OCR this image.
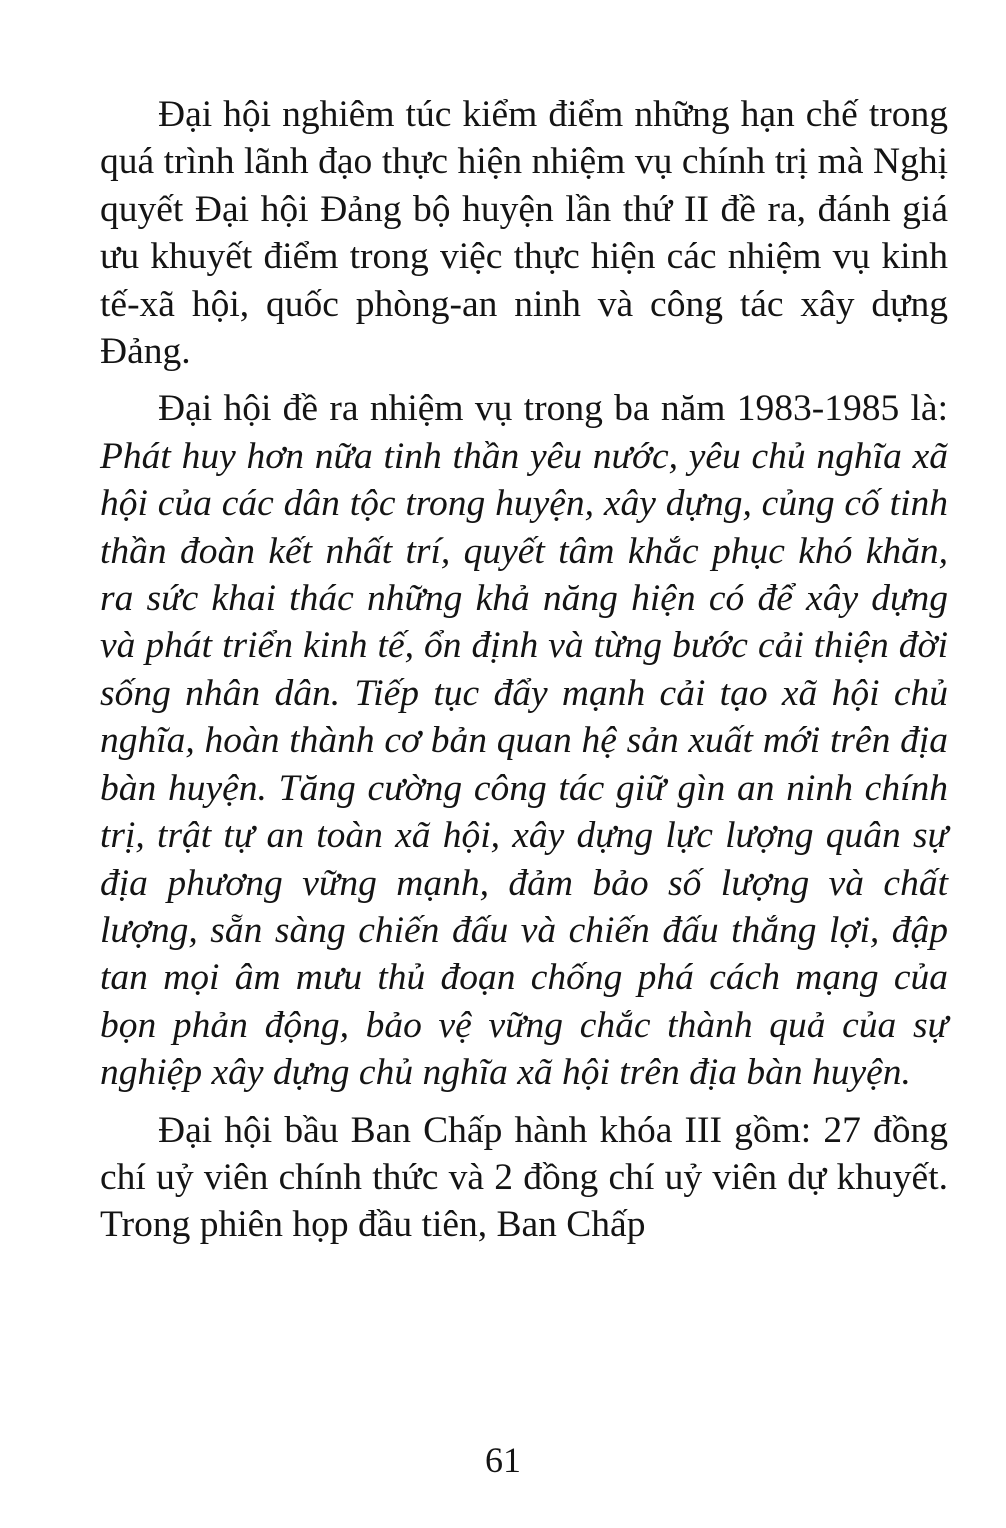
Đại hội nghiêm túc kiểm điểm những hạn chế trong quá trình lãnh đạo thực hiện nhiệm vụ chính trị mà Nghị quyết Đại hội Đảng bộ huyện lần thứ II đề ra, đánh giá ưu khuyết điểm trong việc thực hiện các nhiệm vụ kinh tế-xã hội, quốc phòng-an ninh và công tác xây dựng Đảng.

Đại hội đề ra nhiệm vụ trong ba năm 1983-1985 là: Phát huy hơn nữa tinh thần yêu nước, yêu chủ nghĩa xã hội của các dân tộc trong huyện, xây dựng, củng cố tinh thần đoàn kết nhất trí, quyết tâm khắc phục khó khăn, ra sức khai thác những khả năng hiện có để xây dựng và phát triển kinh tế, ổn định và từng bước cải thiện đời sống nhân dân. Tiếp tục đẩy mạnh cải tạo xã hội chủ nghĩa, hoàn thành cơ bản quan hệ sản xuất mới trên địa bàn huyện. Tăng cường công tác giữ gìn an ninh chính trị, trật tự an toàn xã hội, xây dựng lực lượng quân sự địa phương vững mạnh, đảm bảo số lượng và chất lượng, sẵn sàng chiến đấu và chiến đấu thắng lợi, đập tan mọi âm mưu thủ đoạn chống phá cách mạng của bọn phản động, bảo vệ vững chắc thành quả của sự nghiệp xây dựng chủ nghĩa xã hội trên địa bàn huyện.

Đại hội bầu Ban Chấp hành khóa III gồm: 27 đồng chí uỷ viên chính thức và 2 đồng chí uỷ viên dự khuyết. Trong phiên họp đầu tiên, Ban Chấp

61
